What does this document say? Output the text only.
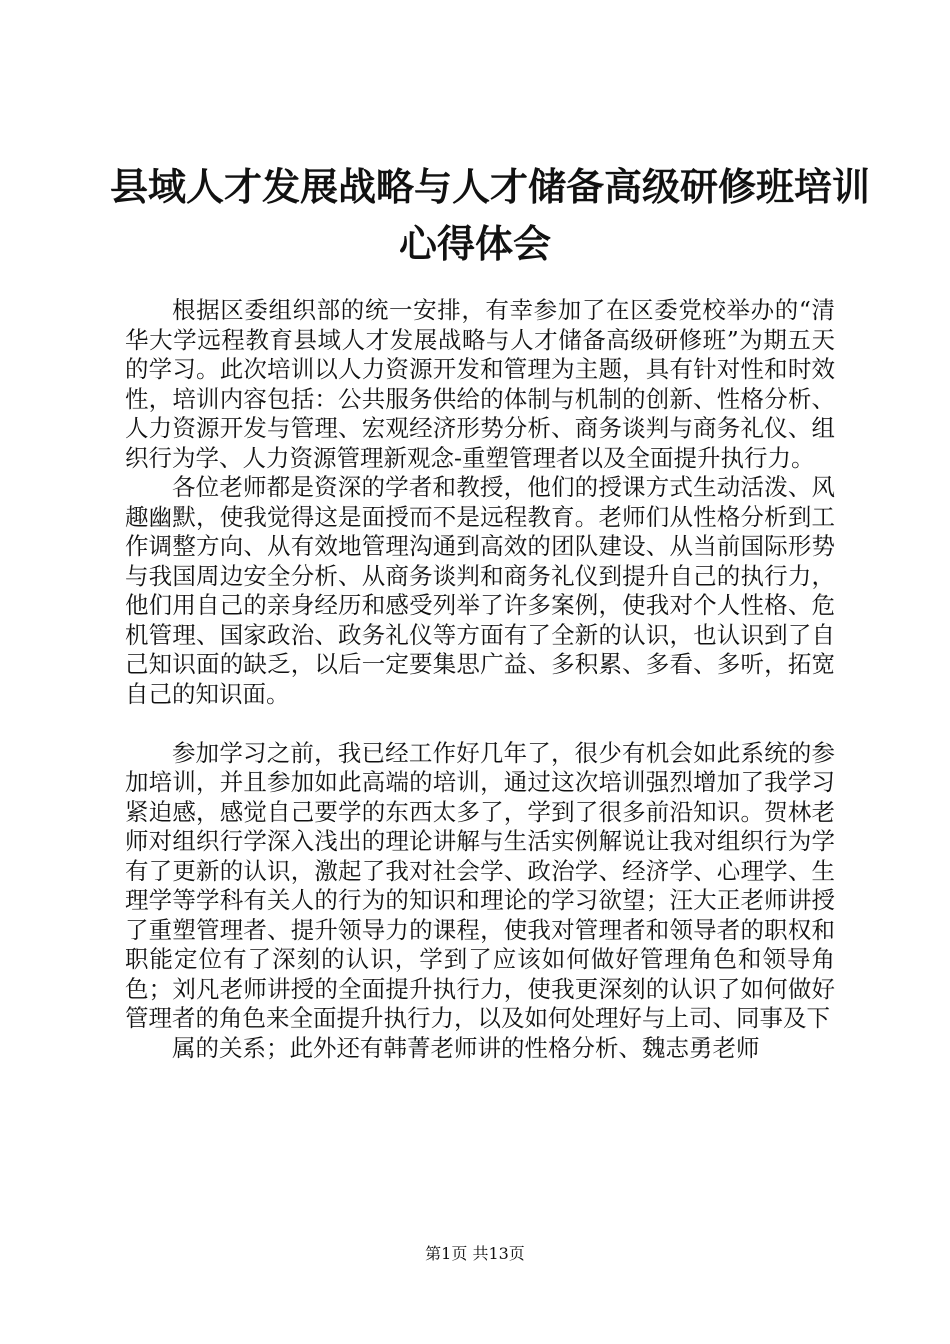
县域人才发展战略与人才储备高级研修班培训
心得体会

根据区委组织部的统一安排，有幸参加了在区委党校举办的“清华大学远程教育县域人才发展战略与人才储备高级研修班”为期五天的学习。此次培训以人力资源开发和管理为主题，具有针对性和时效性，培训内容包括：公共服务供给的体制与机制的创新、性格分析、人力资源开发与管理、宏观经济形势分析、商务谈判与商务礼仪、组织行为学、人力资源管理新观念-重塑管理者以及全面提升执行力。

各位老师都是资深的学者和教授，他们的授课方式生动活泼、风趣幽默，使我觉得这是面授而不是远程教育。老师们从性格分析到工作调整方向、从有效地管理沟通到高效的团队建设、从当前国际形势与我国周边安全分析、从商务谈判和商务礼仪到提升自己的执行力，他们用自己的亲身经历和感受列举了许多案例，使我对个人性格、危机管理、国家政治、政务礼仪等方面有了全新的认识，也认识到了自己知识面的缺乏，以后一定要集思广益、多积累、多看、多听，拓宽自己的知识面。

参加学习之前，我已经工作好几年了，很少有机会如此系统的参加培训，并且参加如此高端的培训，通过这次培训强烈增加了我学习紧迫感，感觉自己要学的东西太多了，学到了很多前沿知识。贺林老师对组织行学深入浅出的理论讲解与生活实例解说让我对组织行为学有了更新的认识，激起了我对社会学、政治学、经济学、心理学、生理学等学科有关人的行为的知识和理论的学习欲望；汪大正老师讲授了重塑管理者、提升领导力的课程，使我对管理者和领导者的职权和职能定位有了深刻的认识，学到了应该如何做好管理角色和领导角色；刘凡老师讲授的全面提升执行力，使我更深刻的认识了如何做好管理者的角色来全面提升执行力，以及如何处理好与上司、同事及下

属的关系；此外还有韩菁老师讲的性格分析、魏志勇老师

第1页 共13页
